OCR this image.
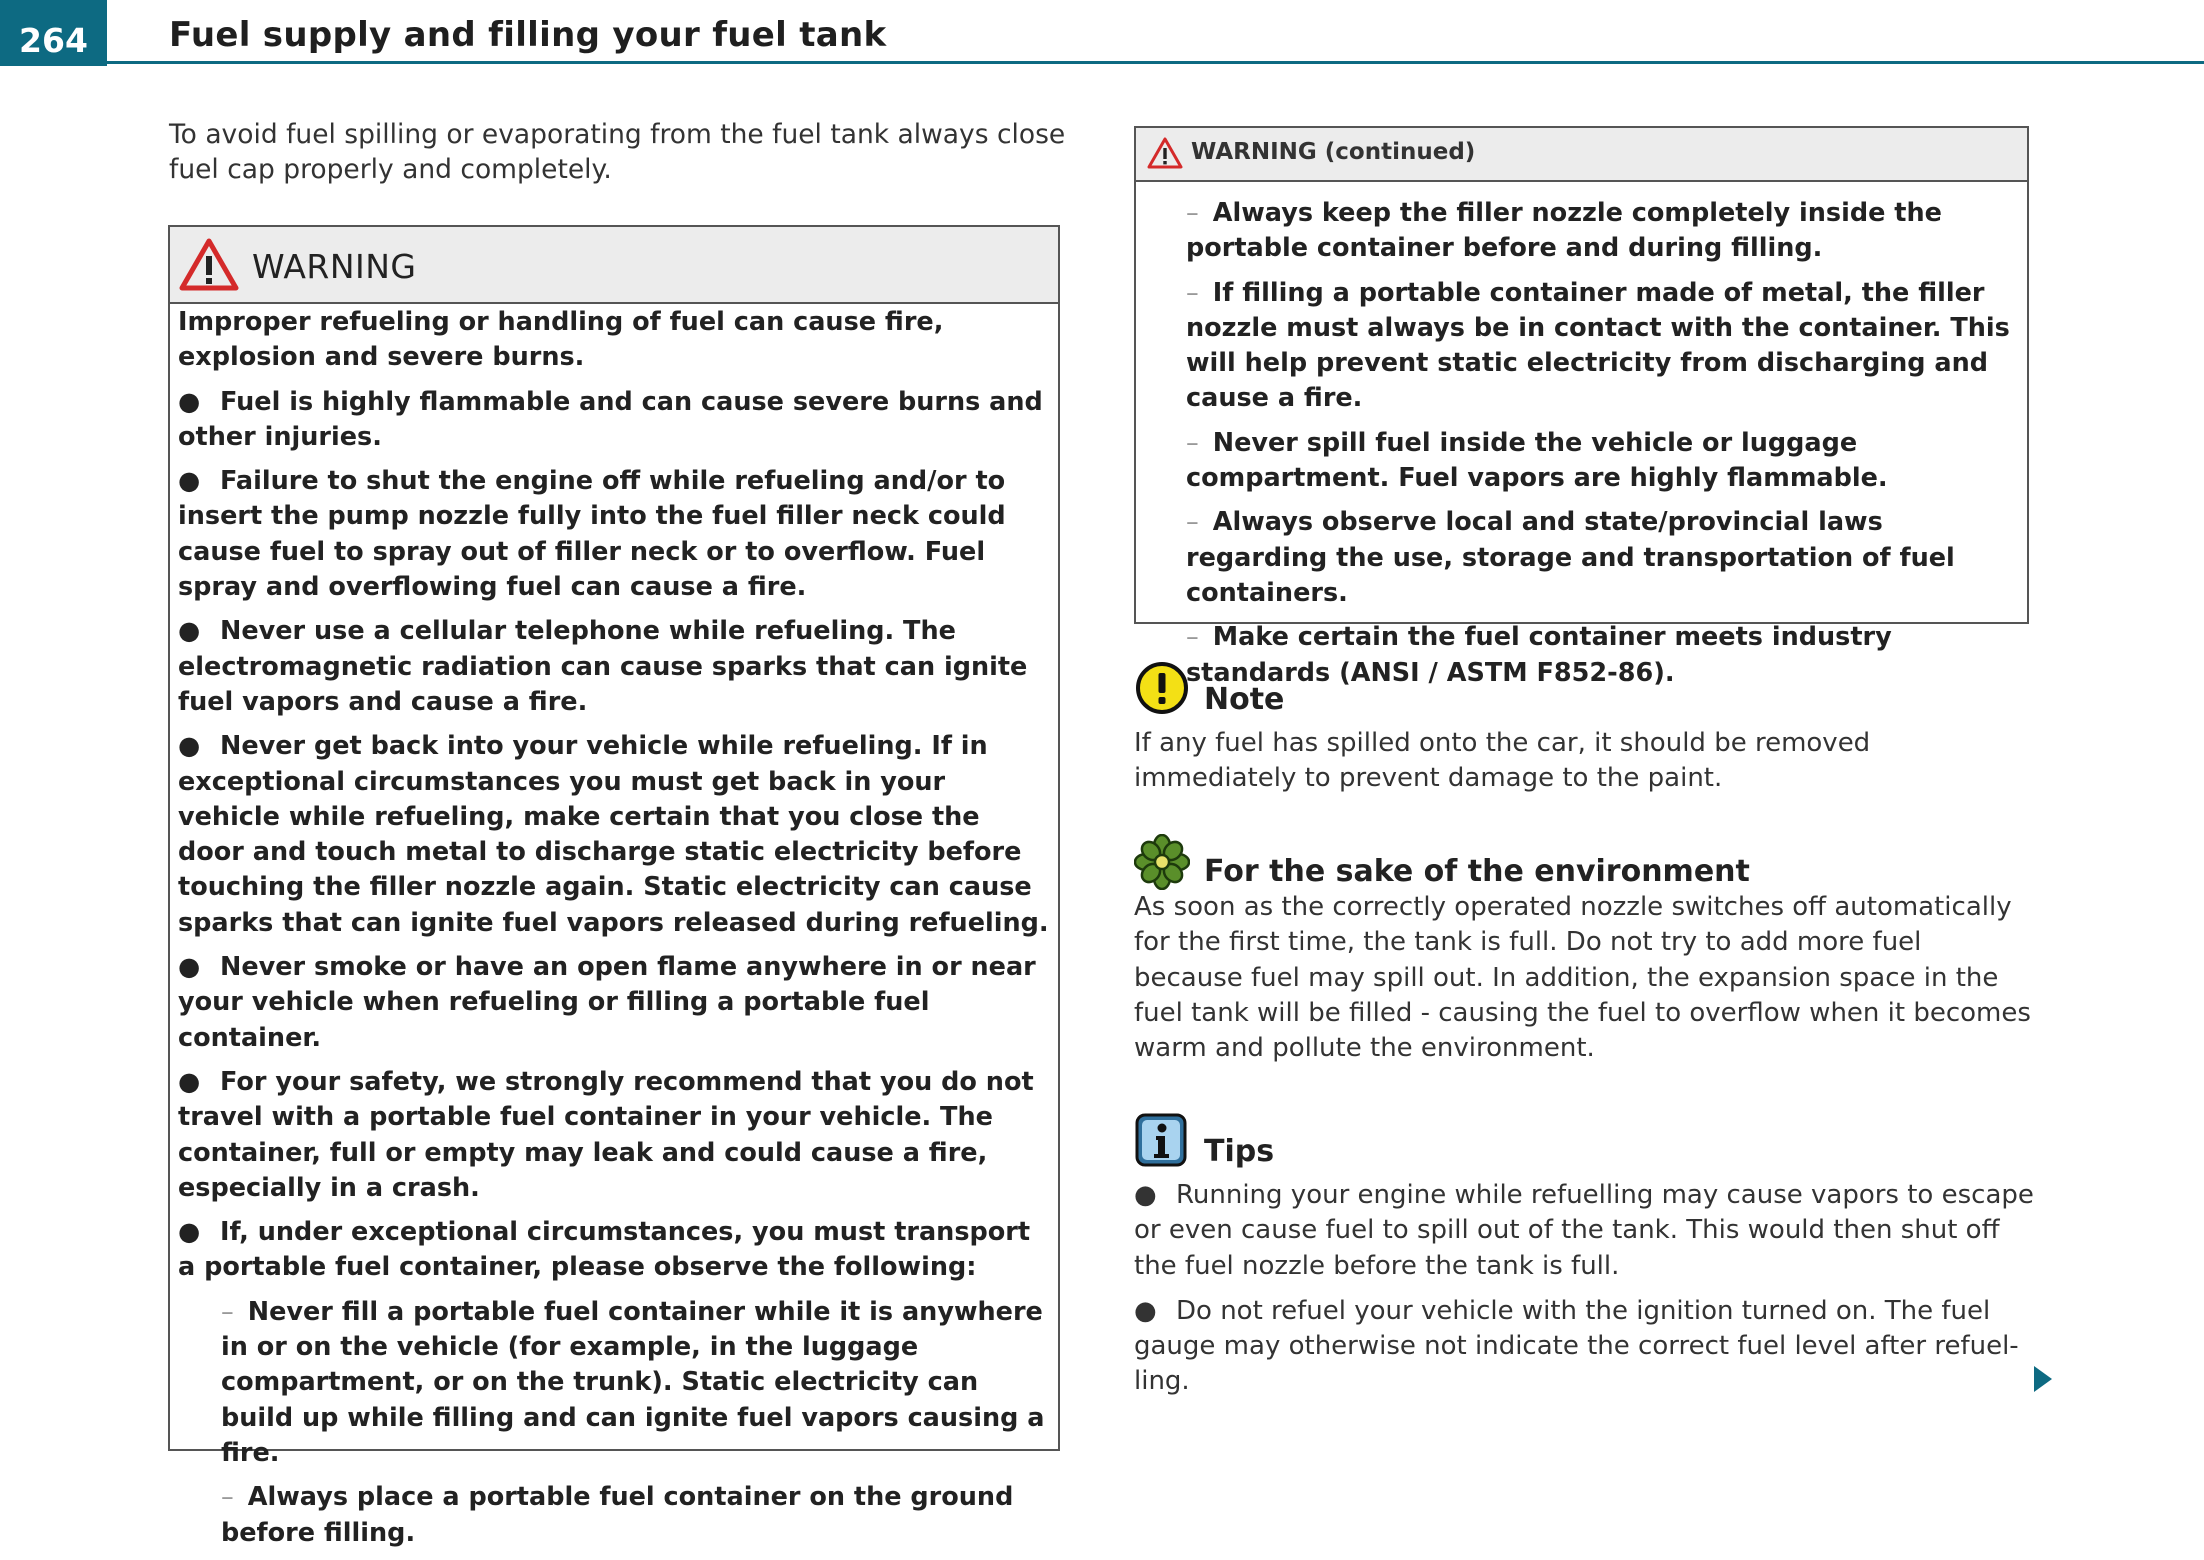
264	Fuel supply and filling your fuel tank

To avoid fuel spilling or evaporating from the fuel tank always close fuel cap properly and completely.

WARNING

Improper refueling or handling of fuel can cause fire, explosion and severe burns.

● Fuel is highly flammable and can cause severe burns and other injuries.

● Failure to shut the engine off while refueling and/or to insert the pump nozzle fully into the fuel filler neck could cause fuel to spray out of filler neck or to overflow. Fuel spray and overflowing fuel can cause a fire.

● Never use a cellular telephone while refueling. The electromagnetic radiation can cause sparks that can ignite fuel vapors and cause a fire.

● Never get back into your vehicle while refueling. If in exceptional circumstances you must get back in your vehicle while refueling, make certain that you close the door and touch metal to discharge static electricity before touching the filler nozzle again. Static electricity can cause sparks that can ignite fuel vapors released during refueling.

● Never smoke or have an open flame anywhere in or near your vehicle when refueling or filling a portable fuel container.

● For your safety, we strongly recommend that you do not travel with a portable fuel container in your vehicle. The container, full or empty may leak and could cause a fire, especially in a crash.

● If, under exceptional circumstances, you must transport a portable fuel container, please observe the following:

– Never fill a portable fuel container while it is anywhere in or on the vehicle (for example, in the luggage compartment, or on the trunk). Static electricity can build up while filling and can ignite fuel vapors causing a fire.

– Always place a portable fuel container on the ground before filling.

WARNING (continued)

– Always keep the filler nozzle completely inside the portable container before and during filling.

– If filling a portable container made of metal, the filler nozzle must always be in contact with the container. This will help prevent static electricity from discharging and cause a fire.

– Never spill fuel inside the vehicle or luggage compartment. Fuel vapors are highly flammable.

– Always observe local and state/provincial laws regarding the use, storage and transportation of fuel containers.

– Make certain the fuel container meets industry standards (ANSI / ASTM F852-86).

Note

If any fuel has spilled onto the car, it should be removed immediately to prevent damage to the paint.

For the sake of the environment

As soon as the correctly operated nozzle switches off automatically for the first time, the tank is full. Do not try to add more fuel because fuel may spill out. In addition, the expansion space in the fuel tank will be filled - causing the fuel to overflow when it becomes warm and pollute the environment.

Tips

● Running your engine while refuelling may cause vapors to escape or even cause fuel to spill out of the tank. This would then shut off the fuel nozzle before the tank is full.

● Do not refuel your vehicle with the ignition turned on. The fuel gauge may otherwise not indicate the correct fuel level after refuelling.
